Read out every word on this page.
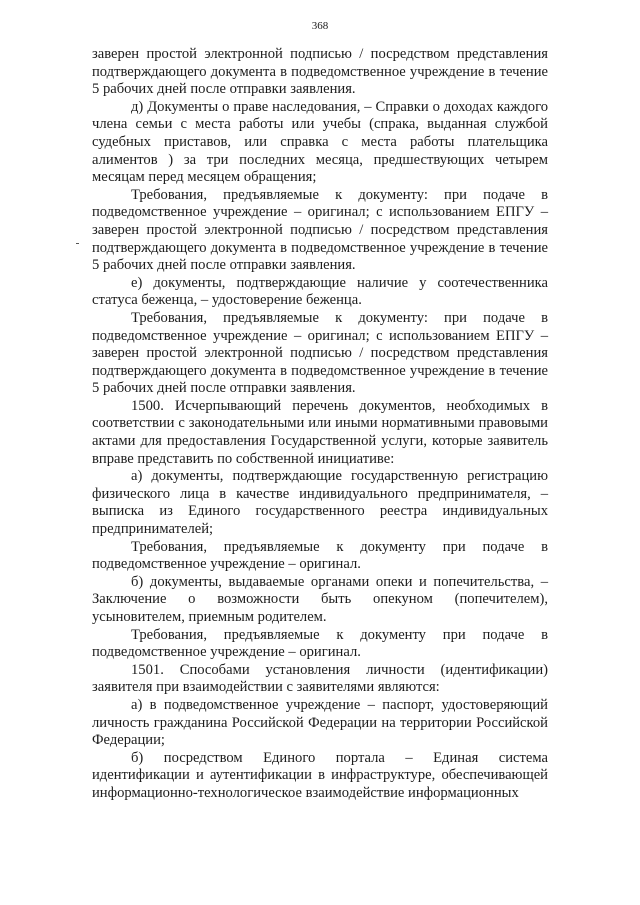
368

заверен простой электронной подписью / посредством представления подтверждающего документа в подведомственное учреждение в течение 5 рабочих дней после отправки заявления.

д) Документы о праве наследования, – Справки о доходах каждого члена семьи с места работы или учебы (спрака, выданная службой судебных приставов, или справка с места работы плательщика алиментов ) за три последних месяца, предшествующих четырем месяцам перед месяцем обращения;

Требования, предъявляемые к документу: при подаче в подведомственное учреждение – оригинал; с использованием ЕПГУ – заверен простой электронной подписью / посредством представления подтверждающего документа в подведомственное учреждение в течение 5 рабочих дней после отправки заявления.

е) документы, подтверждающие наличие у соотечественника статуса беженца, – удостоверение беженца.

Требования, предъявляемые к документу: при подаче в подведомственное учреждение – оригинал; с использованием ЕПГУ – заверен простой электронной подписью / посредством представления подтверждающего документа в подведомственное учреждение в течение 5 рабочих дней после отправки заявления.

1500. Исчерпывающий перечень документов, необходимых в соответствии с законодательными или иными нормативными правовыми актами для предоставления Государственной услуги, которые заявитель вправе представить по собственной инициативе:

а) документы, подтверждающие государственную регистрацию физического лица в качестве индивидуального предпринимателя, – выписка из Единого государственного реестра индивидуальных предпринимателей;

Требования, предъявляемые к документу при подаче в подведомственное учреждение – оригинал.

б) документы, выдаваемые органами опеки и попечительства, – Заключение о возможности быть опекуном (попечителем), усыновителем, приемным родителем.

Требования, предъявляемые к документу при подаче в подведомственное учреждение – оригинал.

1501. Способами установления личности (идентификации) заявителя при взаимодействии с заявителями являются:

а) в подведомственное учреждение – паспорт, удостоверяющий личность гражданина Российской Федерации на территории Российской Федерации;

б) посредством Единого портала – Единая система идентификации и аутентификации в инфраструктуре, обеспечивающей информационно-технологическое взаимодействие информационных
